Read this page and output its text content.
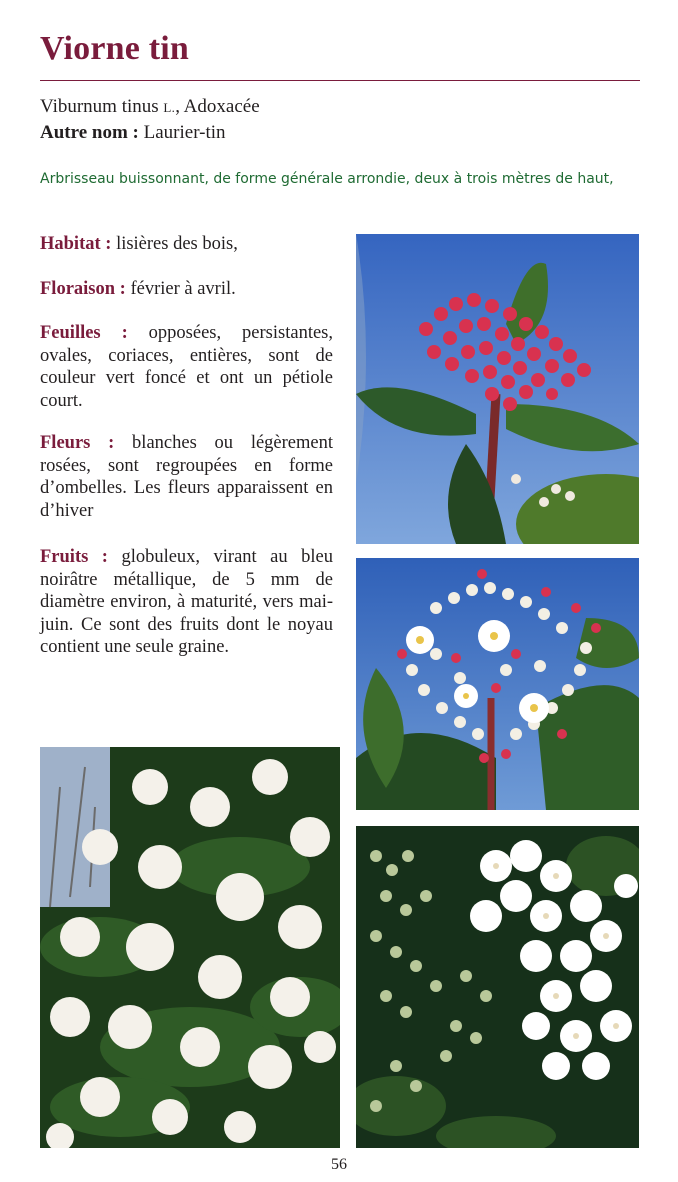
Viorne tin
Viburnum tinus L., Adoxacée
Autre nom : Laurier-tin
Arbrisseau buissonnant, de forme générale arrondie, deux à trois mètres de haut,
Habitat : lisières des bois,
Floraison : février à avril.
Feuilles : opposées, persistantes, ovales, coriaces, entières, sont de couleur vert foncé et ont un pétiole court.
Fleurs : blanches ou légèrement rosées, sont regroupées en forme d’ombelles. Les fleurs apparaissent en d’hiver
Fruits : globuleux, virant au bleu noirâtre métallique, de 5 mm de diamètre environ, à maturité, vers mai-juin. Ce sont des fruits dont le noyau contient une seule graine.
56
